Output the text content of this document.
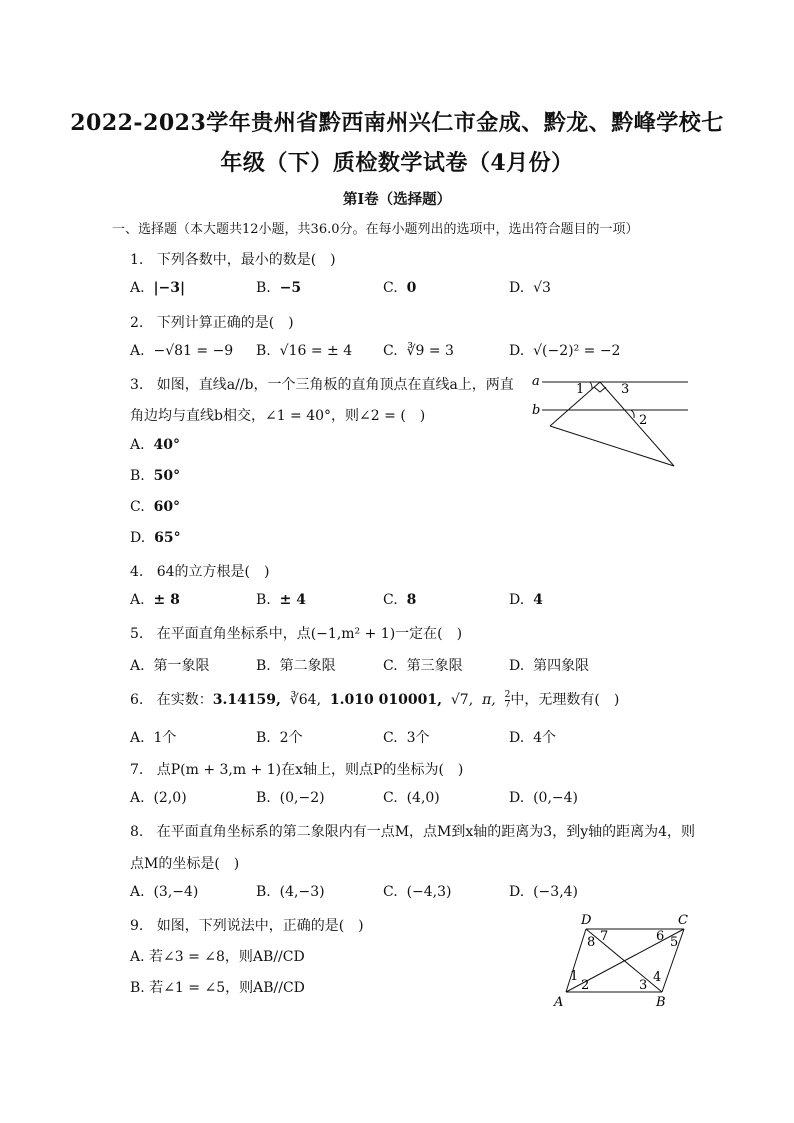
2022-2023学年贵州省黔西南州兴仁市金成、黔龙、黔峰学校七
年级（下）质检数学试卷（4月份）
第I卷（选择题）
一、选择题（本大题共12小题，共36.0分。在每小题列出的选项中，选出符合题目的一项）
1. 下列各数中，最小的数是(　)
A. |−3|	B. −5	C. 0	D. √3
2. 下列计算正确的是(　)
A. −√81 = −9 B. √16 = ± 4 C. ∛9 = 3	D. √(−2)² = −2
3. 如图，直线a//b，一个三角板的直角顶点在直线a上，两直
角边均与直线b相交，∠1 = 40°，则∠2 = (　)
A. 40°
B. 50°
C. 60°
D. 65°
a
b
1	3
2
4. 64的立方根是(　)
A. ± 8	B. ± 4	C. 8	D. 4
5. 在平面直角坐标系中，点(−1,m² + 1)一定在(　)
A. 第一象限	B. 第二象限	C. 第三象限	D. 第四象限
6. 在实数：3.14159, ∛64, 1.010 010001, √7, π, $\frac{2}{7}$ 中，无理数有(　)
A. 1个	B. 2个	C. 3个	D. 4个
7. 点P(m + 3,m + 1)在x轴上，则点P的坐标为(　)
A. (2,0)	B. (0,−2)	C. (4,0)	D. (0,−4)
8. 在平面直角坐标系的第二象限内有一点M，点M到x轴的距离为3，到y轴的距离为4，则
点M的坐标是(　)
A. (3,−4)	B. (4,−3)	C. (−4,3)	D. (−3,4)
9. 如图，下列说法中，正确的是(　)
A. 若∠3 = ∠8，则AB//CD
B. 若∠1 = ∠5，则AB//CD
D	C
A	B
8 7	6 5
1
2	3
4
